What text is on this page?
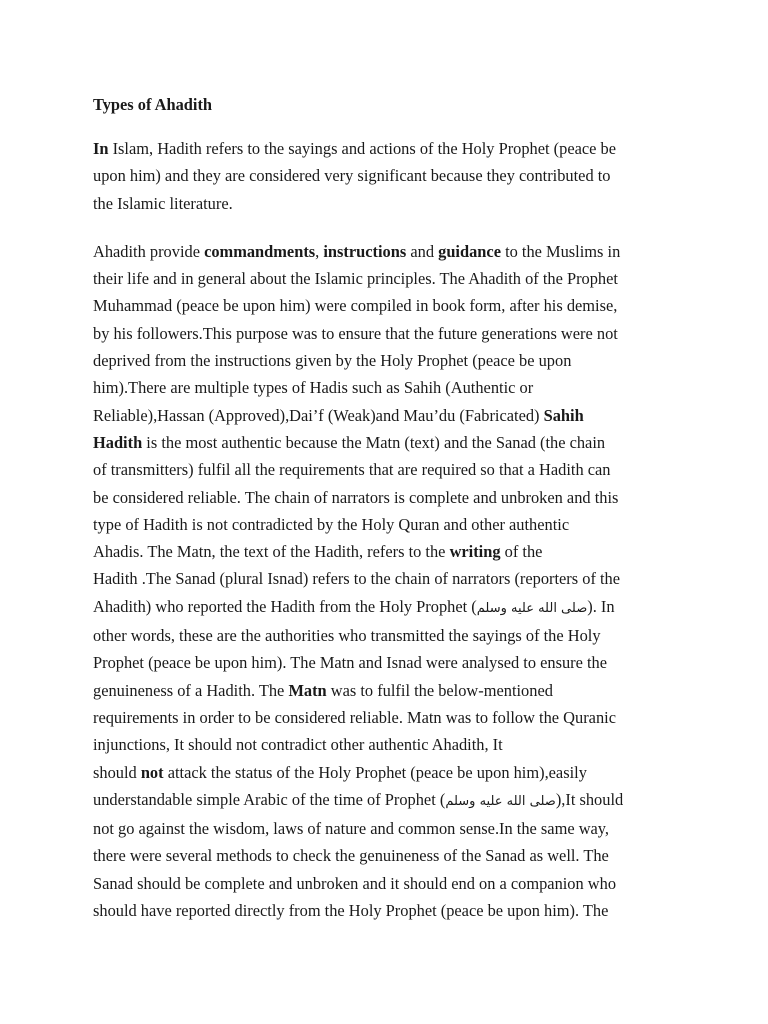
Types of Ahadith

In Islam, Hadith refers to the sayings and actions of the Holy Prophet (peace be
upon him) and they are considered very significant because they contributed to
the Islamic literature.

Ahadith provide commandments, instructions and guidance to the Muslims in
their life and in general about the Islamic principles. The Ahadith of the Prophet
Muhammad (peace be upon him) were compiled in book form, after his demise,
by his followers.This purpose was to ensure that the future generations were not
deprived from the instructions given by the Holy Prophet (peace be upon
him).There are multiple types of Hadis such as Sahih (Authentic or
Reliable),Hassan (Approved),Dai’f (Weak)and Mau’du (Fabricated) Sahih
Hadith is the most authentic because the Matn (text) and the Sanad (the chain
of transmitters) fulfil all the requirements that are required so that a Hadith can
be considered reliable. The chain of narrators is complete and unbroken and this
type of Hadith is not contradicted by the Holy Quran and other authentic
Ahadis. The Matn, the text of the Hadith, refers to the writing of the
Hadith .The Sanad (plural Isnad) refers to the chain of narrators (reporters of the
Ahadith) who reported the Hadith from the Holy Prophet (صلى الله عليه وسلم). In
other words, these are the authorities who transmitted the sayings of the Holy
Prophet (peace be upon him). The Matn and Isnad were analysed to ensure the
genuineness of a Hadith. The Matn was to fulfil the below-mentioned
requirements in order to be considered reliable. Matn was to follow the Quranic
injunctions, It should not contradict other authentic Ahadith, It
should not attack the status of the Holy Prophet (peace be upon him),easily
understandable simple Arabic of the time of Prophet (صلى الله عليه وسلم),It should
not go against the wisdom, laws of nature and common sense.In the same way,
there were several methods to check the genuineness of the Sanad as well. The
Sanad should be complete and unbroken and it should end on a companion who
should have reported directly from the Holy Prophet (peace be upon him). The
